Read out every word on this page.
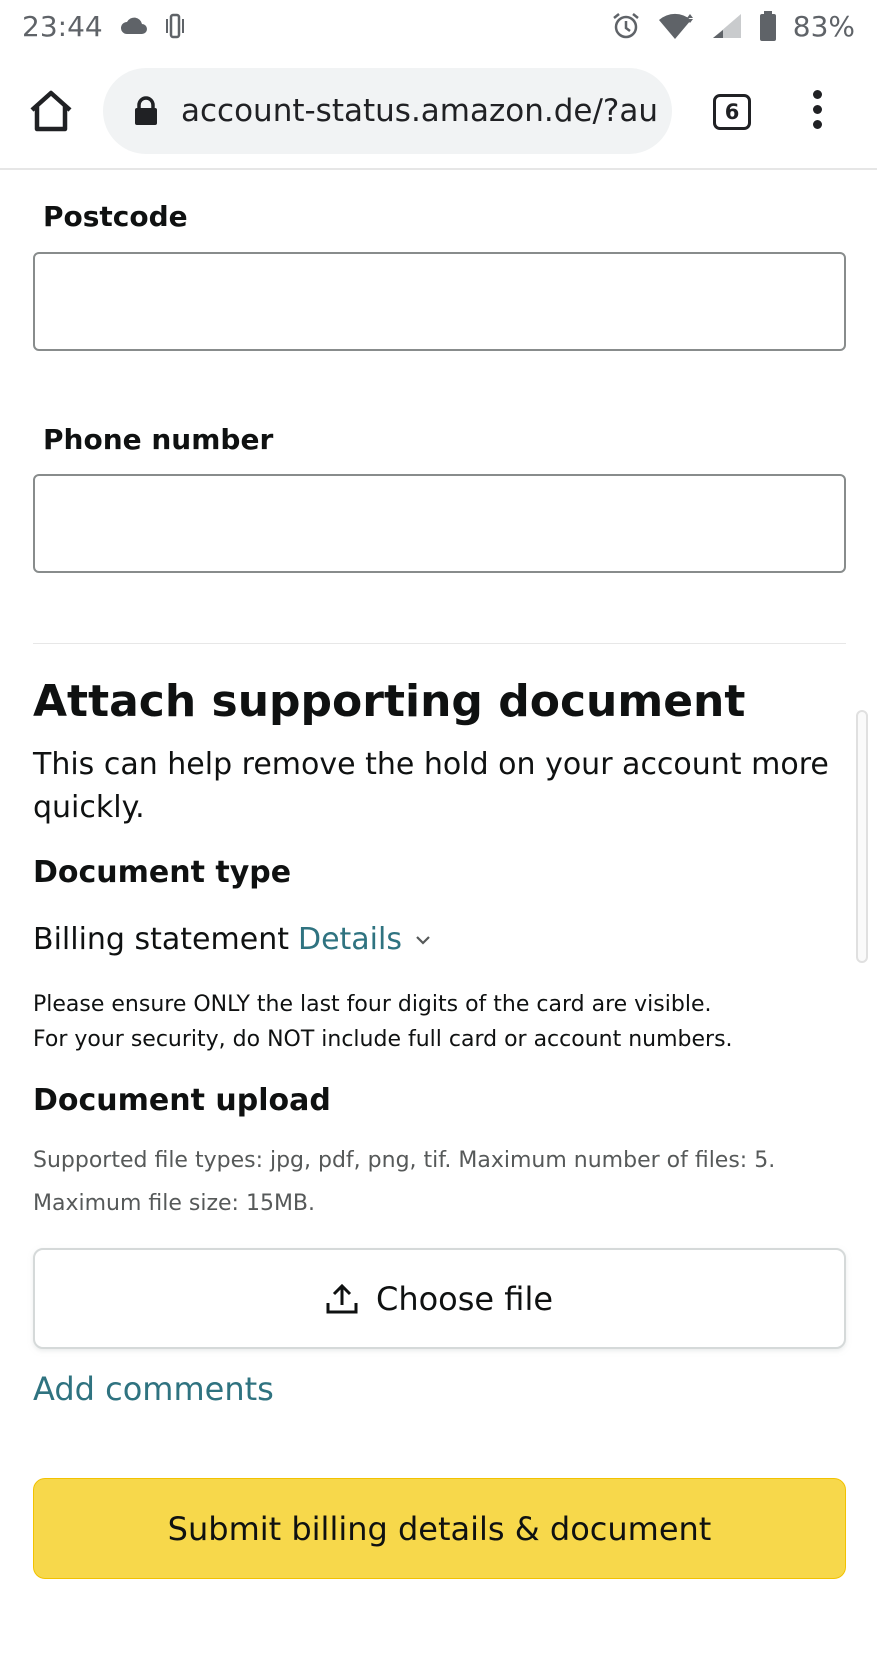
23:44	83%
account-status.amazon.de/?au	6
Postcode
Phone number
Attach supporting document
This can help remove the hold on your account more quickly.
Document type
Billing statement Details
Please ensure ONLY the last four digits of the card are visible.
For your security, do NOT include full card or account numbers.
Document upload
Supported file types: jpg, pdf, png, tif. Maximum number of files: 5.
Maximum file size: 15MB.
Choose file
Add comments
Submit billing details & document
